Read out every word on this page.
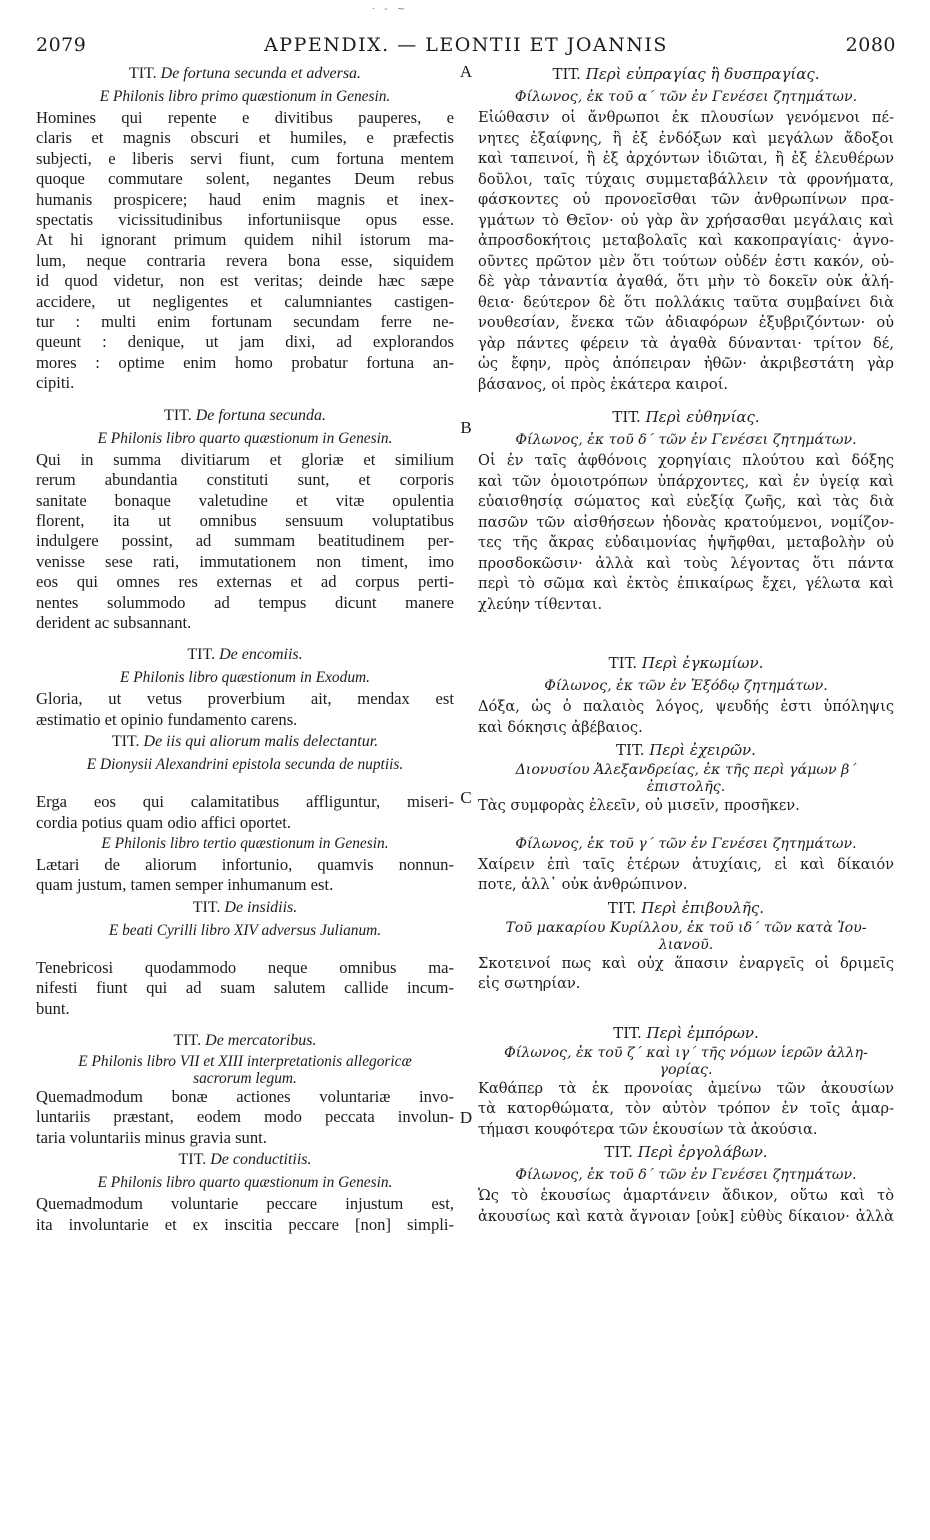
· - ~
2079	APPENDIX. — LEONTII ET JOANNIS	2080
A
B
C
D
TIT. De fortuna secunda et adversa.
E Philonis libro primo quæstionum in Genesin.
Homines qui repente e divitibus pauperes, e
claris et magnis obscuri et humiles, e præfectis
subjecti, e liberis servi fiunt, cum fortuna mentem
quoque commutare solent, negantes Deum rebus
humanis prospicere; haud enim magnis et inex-
spectatis vicissitudinibus infortuniisque opus esse.
At hi ignorant primum quidem nihil istorum ma-
lum, neque contraria revera bona esse, siquidem
id quod videtur, non est veritas; deinde hæc sæpe
accidere, ut negligentes et calumniantes castigen-
tur : multi enim fortunam secundam ferre ne-
queunt : denique, ut jam dixi, ad explorandos
mores : optime enim homo probatur fortuna an-
cipiti.
TIT. De fortuna secunda.
E Philonis libro quarto quæstionum in Genesin.
Qui in summa divitiarum et gloriæ et similium
rerum abundantia constituti sunt, et corporis
sanitate bonaque valetudine et vitæ opulentia
florent, ita ut omnibus sensuum voluptatibus
indulgere possint, ad summam beatitudinem per-
venisse sese rati, immutationem non timent, imo
eos qui omnes res externas et ad corpus perti-
nentes solummodo ad tempus dicunt manere
derident ac subsannant.
TIT. De encomiis.
E Philonis libro quæstionum in Exodum.
Gloria, ut vetus proverbium ait, mendax est
æstimatio et opinio fundamento carens.
TIT. De iis qui aliorum malis delectantur.
E Dionysii Alexandrini epistola secunda de nuptiis.
Erga eos qui calamitatibus affliguntur, miseri-
cordia potius quam odio affici oportet.
E Philonis libro tertio quæstionum in Genesin.
Lætari de aliorum infortunio, quamvis nonnun-
quam justum, tamen semper inhumanum est.
TIT. De insidiis.
E beati Cyrilli libro XIV adversus Julianum.
Tenebricosi quodammodo neque omnibus ma-
nifesti fiunt qui ad suam salutem callide incum-
bunt.
TIT. De mercatoribus.
E Philonis libro VII et XIII interpretationis allegoricæ
sacrorum legum.
Quemadmodum bonæ actiones voluntariæ invo-
luntariis præstant, eodem modo peccata involun-
taria voluntariis minus gravia sunt.
TIT. De conductitiis.
E Philonis libro quarto quæstionum in Genesin.
Quemadmodum voluntarie peccare injustum est,
ita involuntarie et ex inscitia peccare [non] simpli-
TIT. Περὶ εὐπραγίας ἢ δυσπραγίας.
Φίλωνος, ἐκ τοῦ α΄ τῶν ἐν Γενέσει ζητημάτων.
Εἰώθασιν οἱ ἄνθρωποι ἐκ πλουσίων γενόμενοι πέ-
νητες ἐξαίφνης, ἢ ἐξ ἐνδόξων καὶ μεγάλων ἄδοξοι
καὶ ταπεινοί, ἢ ἐξ ἀρχόντων ἰδιῶται, ἢ ἐξ ἐλευθέρων
δοῦλοι, ταῖς τύχαις συμμεταβάλλειν τὰ φρονήματα,
φάσκοντες οὐ προνοεῖσθαι τῶν ἀνθρωπίνων πρα-
γμάτων τὸ Θεῖον· οὐ γὰρ ἂν χρήσασθαι μεγάλαις καὶ
ἀπροσδοκήτοις μεταβολαῖς καὶ κακοπραγίαις· ἀγνο-
οῦντες πρῶτον μὲν ὅτι τούτων οὐδέν ἐστι κακόν, οὐ-
δὲ γὰρ τἀναντία ἀγαθά, ὅτι μὴν τὸ δοκεῖν οὐκ ἀλή-
θεια· δεύτερον δὲ ὅτι πολλάκις ταῦτα συμβαίνει διὰ
νουθεσίαν, ἕνεκα τῶν ἀδιαφόρων ἐξυβριζόντων· οὐ
γὰρ πάντες φέρειν τὰ ἀγαθὰ δύνανται· τρίτον δέ,
ὡς ἔφην, πρὸς ἀπόπειραν ἠθῶν· ἀκριβεστάτη γὰρ
βάσανος, οἱ πρὸς ἑκάτερα καιροί.
TIT. Περὶ εὐθηνίας.
Φίλωνος, ἐκ τοῦ δ΄ τῶν ἐν Γενέσει ζητημάτων.
Οἱ ἐν ταῖς ἀφθόνοις χορηγίαις πλούτου καὶ δόξης
καὶ τῶν ὁμοιοτρόπων ὑπάρχοντες, καὶ ἐν ὑγείᾳ καὶ
εὐαισθησίᾳ σώματος καὶ εὐεξίᾳ ζωῆς, καὶ τὰς διὰ
πασῶν τῶν αἰσθήσεων ἡδονὰς κρατούμενοι, νομίζον-
τες τῆς ἄκρας εὐδαιμονίας ἡψῆφθαι, μεταβολὴν οὐ
προσδοκῶσιν· ἀλλὰ καὶ τοὺς λέγοντας ὅτι πάντα
περὶ τὸ σῶμα καὶ ἐκτὸς ἐπικαίρως ἔχει, γέλωτα καὶ
χλεύην τίθενται.
TIT. Περὶ ἐγκωμίων.
Φίλωνος, ἐκ τῶν ἐν Ἐξόδῳ ζητημάτων.
Δόξα, ὡς ὁ παλαιὸς λόγος, ψευδής ἐστι ὑπόληψις
καὶ δόκησις ἀβέβαιος.
TIT. Περὶ ἐχειρῶν.
Διονυσίου Ἀλεξανδρείας, ἐκ τῆς περὶ γάμων β΄
ἐπιστολῆς.
Τὰς συμφορὰς ἐλεεῖν, οὐ μισεῖν, προσῆκεν.
Φίλωνος, ἐκ τοῦ γ΄ τῶν ἐν Γενέσει ζητημάτων.
Χαίρειν ἐπὶ ταῖς ἑτέρων ἀτυχίαις, εἰ καὶ δίκαιόν
ποτε, ἀλλ᾽ οὐκ ἀνθρώπινον.
TIT. Περὶ ἐπιβουλῆς.
Τοῦ μακαρίου Κυρίλλου, ἐκ τοῦ ιδ΄ τῶν κατὰ Ἰου-
λιανοῦ.
Σκοτεινοί πως καὶ οὐχ ἅπασιν ἐναργεῖς οἱ δριμεῖς
εἰς σωτηρίαν.
TIT. Περὶ ἐμπόρων.
Φίλωνος, ἐκ τοῦ ζ΄ καὶ ιγ΄ τῆς νόμων ἱερῶν ἀλλη-
γορίας.
Καθάπερ τὰ ἐκ προνοίας ἀμείνω τῶν ἀκουσίων
τὰ κατορθώματα, τὸν αὐτὸν τρόπον ἐν τοῖς ἁμαρ-
τήμασι κουφότερα τῶν ἑκουσίων τὰ ἀκούσια.
TIT. Περὶ ἐργολάβων.
Φίλωνος, ἐκ τοῦ δ΄ τῶν ἐν Γενέσει ζητημάτων.
Ὡς τὸ ἑκουσίως ἁμαρτάνειν ἄδικον, οὕτω καὶ τὸ
ἀκουσίως καὶ κατὰ ἄγνοιαν [οὐκ] εὐθὺς δίκαιον· ἀλλὰ
